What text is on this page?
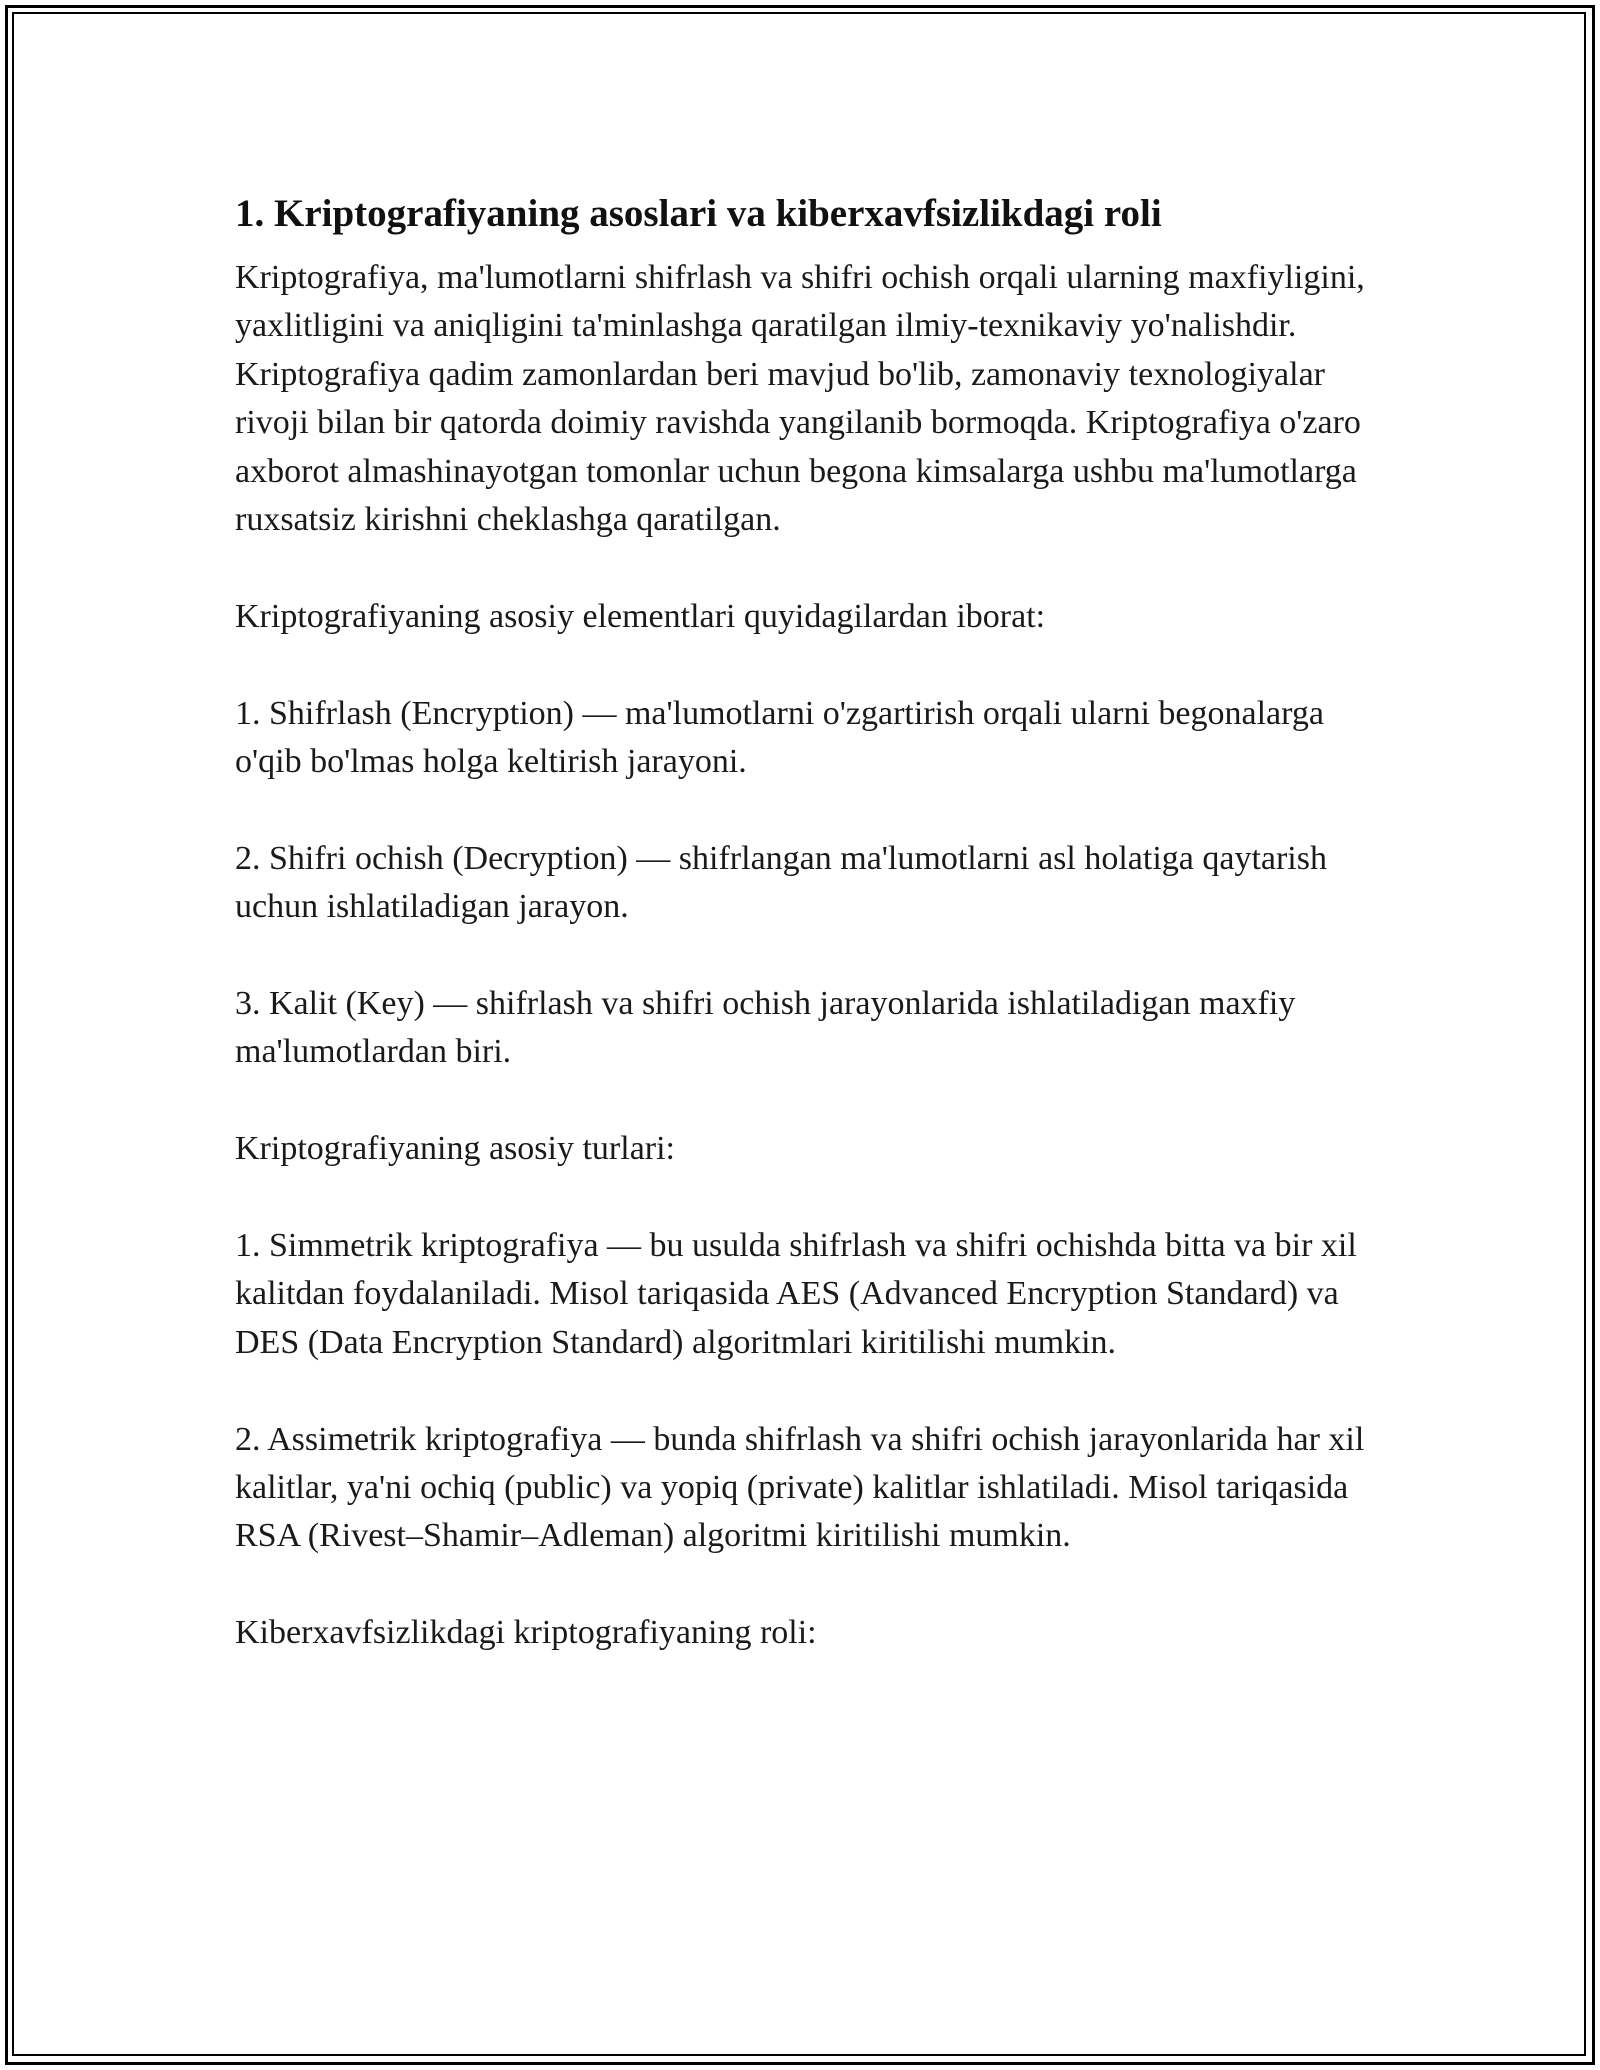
1. Kriptografiyaning asoslari va kiberxavfsizlikdagi roli

Kriptografiya, ma'lumotlarni shifrlash va shifri ochish orqali ularning maxfiyligini, yaxlitligini va aniqligini ta'minlashga qaratilgan ilmiy-texnikaviy yo'nalishdir. Kriptografiya qadim zamonlardan beri mavjud bo'lib, zamonaviy texnologiyalar rivoji bilan bir qatorda doimiy ravishda yangilanib bormoqda. Kriptografiya o'zaro axborot almashinayotgan tomonlar uchun begona kimsalarga ushbu ma'lumotlarga ruxsatsiz kirishni cheklashga qaratilgan.

Kriptografiyaning asosiy elementlari quyidagilardan iborat:

1. Shifrlash (Encryption) — ma'lumotlarni o'zgartirish orqali ularni begonalarga o'qib bo'lmas holga keltirish jarayoni.

2. Shifri ochish (Decryption) — shifrlangan ma'lumotlarni asl holatiga qaytarish uchun ishlatiladigan jarayon.

3. Kalit (Key) — shifrlash va shifri ochish jarayonlarida ishlatiladigan maxfiy ma'lumotlardan biri.

Kriptografiyaning asosiy turlari:

1. Simmetrik kriptografiya — bu usulda shifrlash va shifri ochishda bitta va bir xil kalitdan foydalaniladi. Misol tariqasida AES (Advanced Encryption Standard) va DES (Data Encryption Standard) algoritmlari kiritilishi mumkin.

2. Assimetrik kriptografiya — bunda shifrlash va shifri ochish jarayonlarida har xil kalitlar, ya'ni ochiq (public) va yopiq (private) kalitlar ishlatiladi. Misol tariqasida RSA (Rivest–Shamir–Adleman) algoritmi kiritilishi mumkin.

Kiberxavfsizlikdagi kriptografiyaning roli:
